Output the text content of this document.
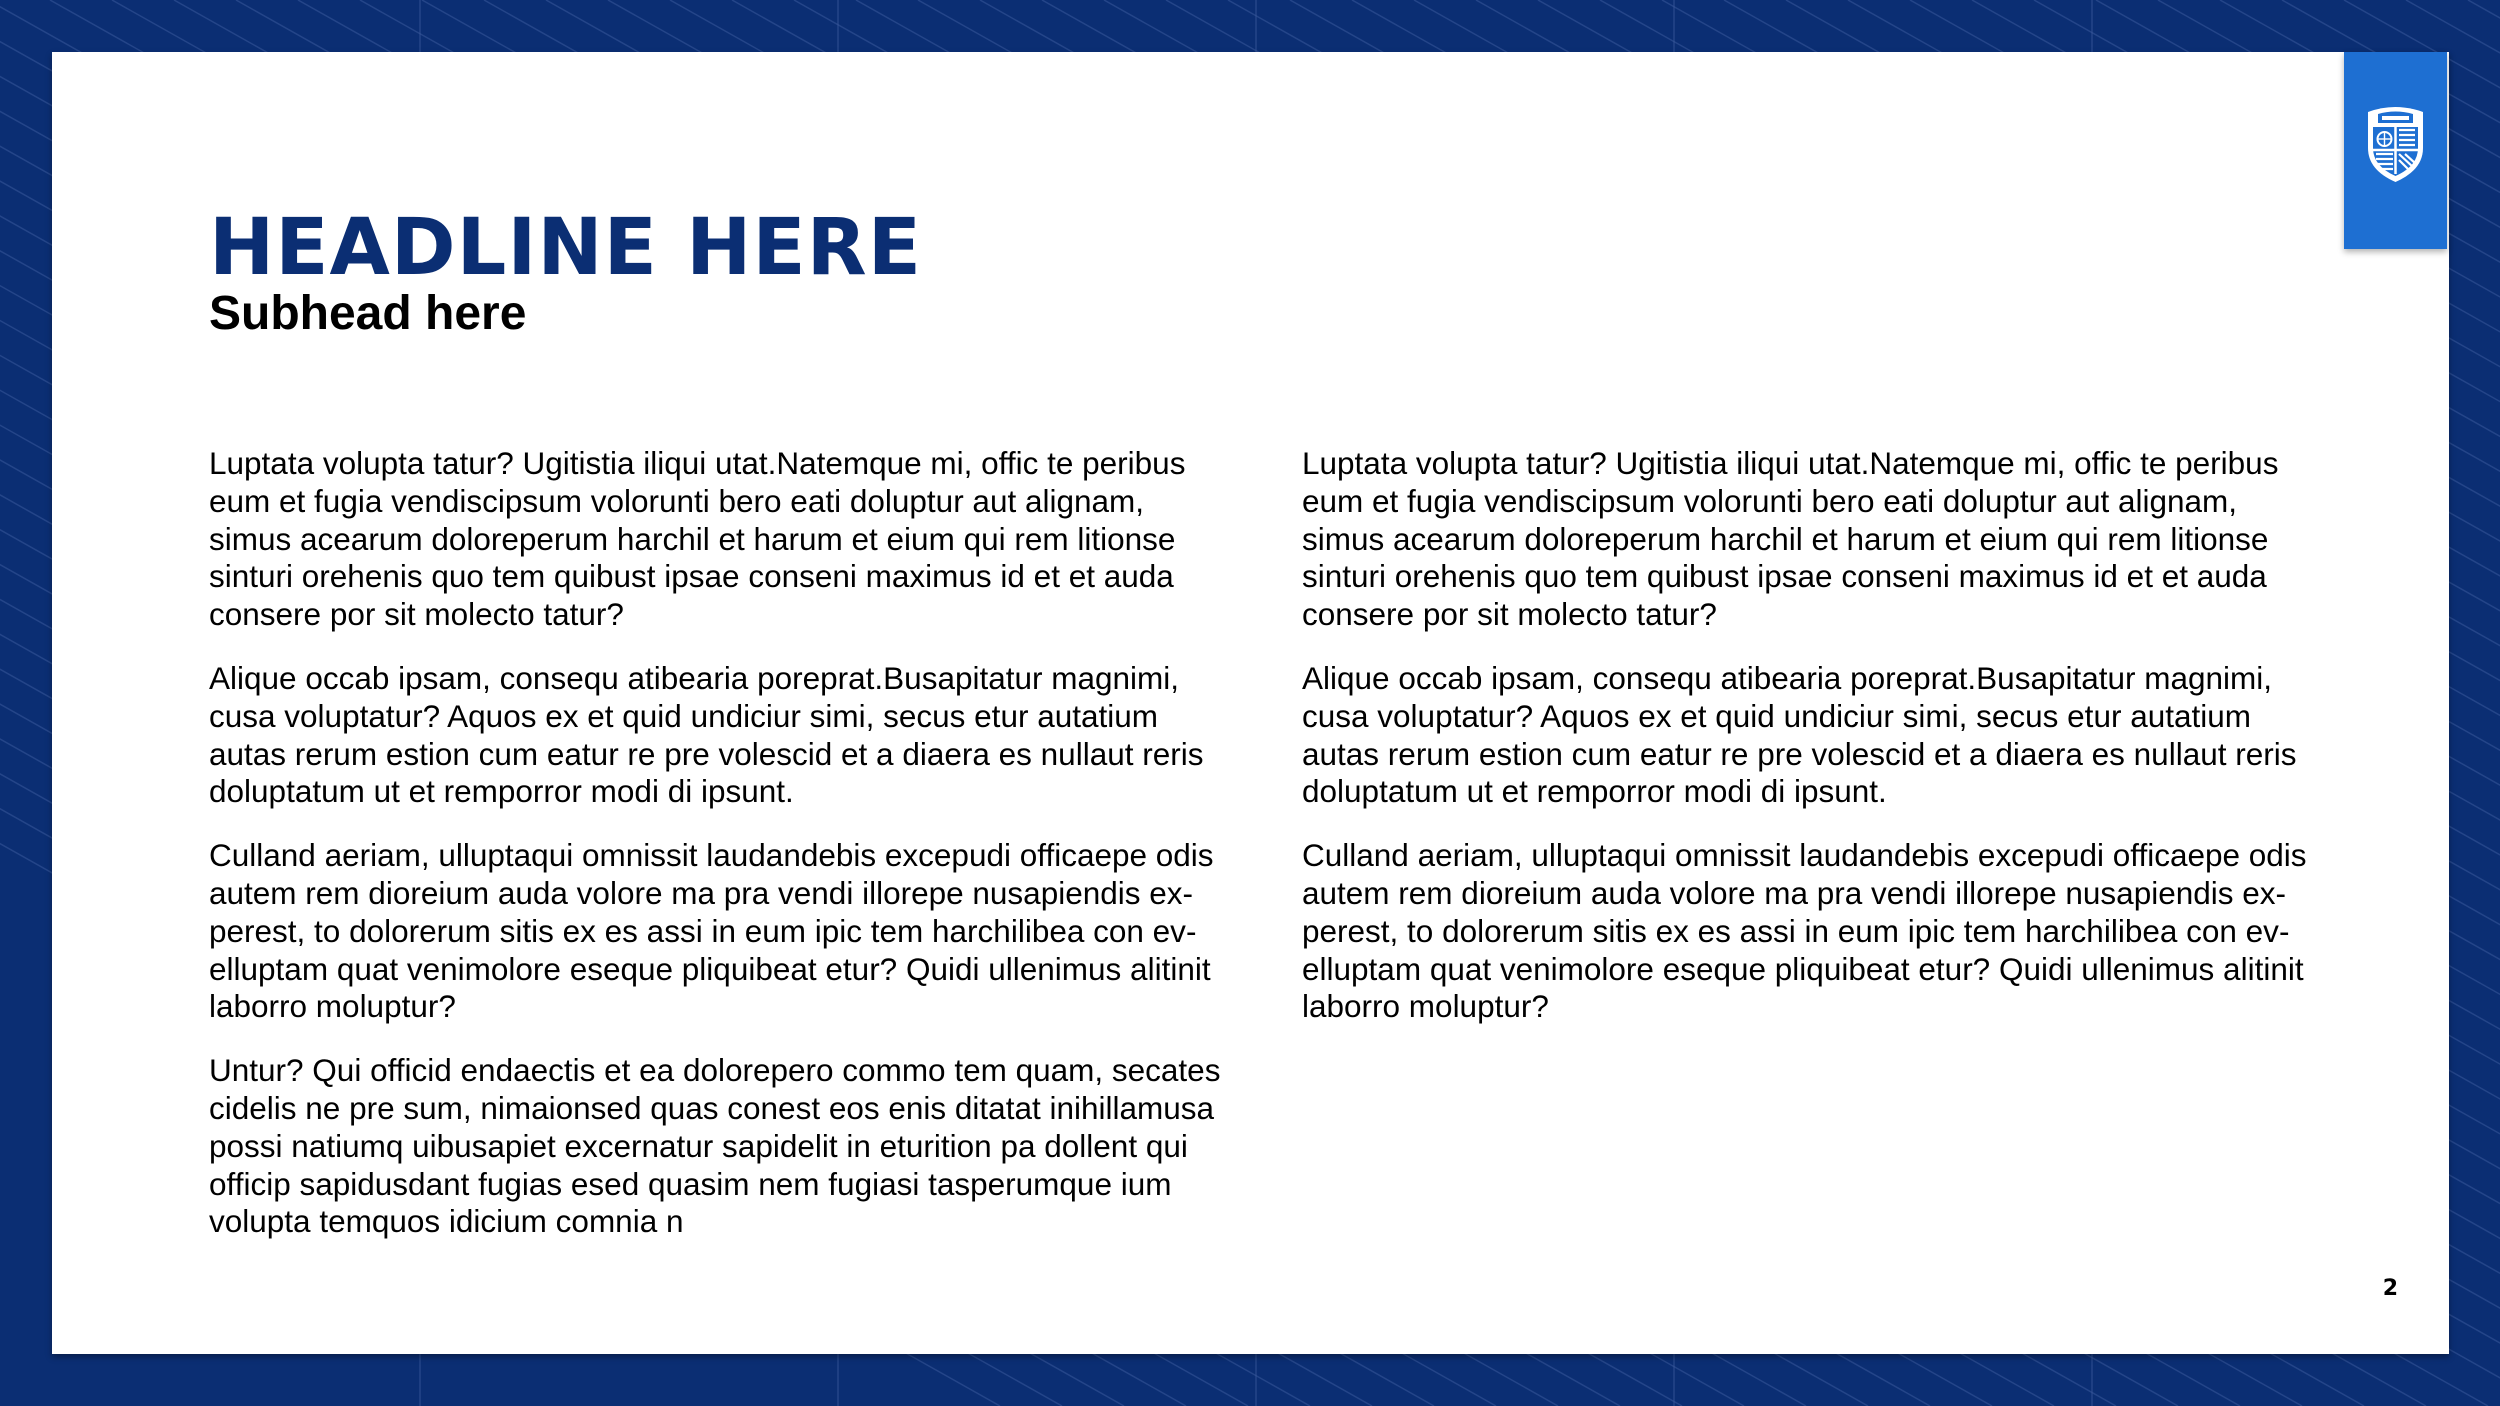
HEADLINE HERE
Subhead here

Luptata volupta tatur? Ugitistia iliqui utat.Natemque mi, offic te peribus eum et fugia vendiscipsum voloruntі bero eati doluptur aut alignam, simus acearum doloreperum harchil et harum et eium qui rem litionse sinturi orehenis quo tem quibust ipsae conseni maximus id et et auda consere por sit molecto tatur?

Alique occab ipsam, consequ atibearia poreprat.Busapitatur magnimi, cusa voluptatur? Aquos ex et quid undiciur simi, secus etur autatium autas rerum estion cum eatur re pre volescid et a diaera es nullaut reris doluptatum ut et remporror modi di ipsunt.

Culland aeriam, ulluptaqui omnissit laudandebis excepudi officaepe odis autem rem dioreium auda volore ma pra vendi illorepe nusapiendis experest, to dolorerum sitis ex es assi in eum ipic tem harchilibea con evelluptam quat venimolore eseque pliquibeat etur? Quidi ullenimus alitinit laborro moluptur?

Untur? Qui officid endaectis et ea dolorepero commo tem quam, secates cidelis ne pre sum, nimaionsed quas conest eos enis ditatat inihillamusa possi natiumq uibusapiet excernatur sapidelit in eturition pa dollent qui officip sapidusdant fugias esed quasim nem fugiasi tasperumque ium volupta temquos idicium comnia n

Luptata volupta tatur? Ugitistia iliqui utat.Natemque mi, offic te peribus eum et fugia vendiscipsum voloruntі bero eati doluptur aut alignam, simus acearum doloreperum harchil et harum et eium qui rem litionse sinturi orehenis quo tem quibust ipsae conseni maximus id et et auda consere por sit molecto tatur?

Alique occab ipsam, consequ atibearia poreprat.Busapitatur magnimi, cusa voluptatur? Aquos ex et quid undiciur simi, secus etur autatium autas rerum estion cum eatur re pre volescid et a diaera es nullaut reris doluptatum ut et remporror modi di ipsunt.

Culland aeriam, ulluptaqui omnissit laudandebis excepudi officaepe odis autem rem dioreium auda volore ma pra vendi illorepe nusapiendis experest, to dolorerum sitis ex es assi in eum ipic tem harchilibea con evelluptam quat venimolore eseque pliquibeat etur? Quidi ullenimus alitinit laborro moluptur?

2
